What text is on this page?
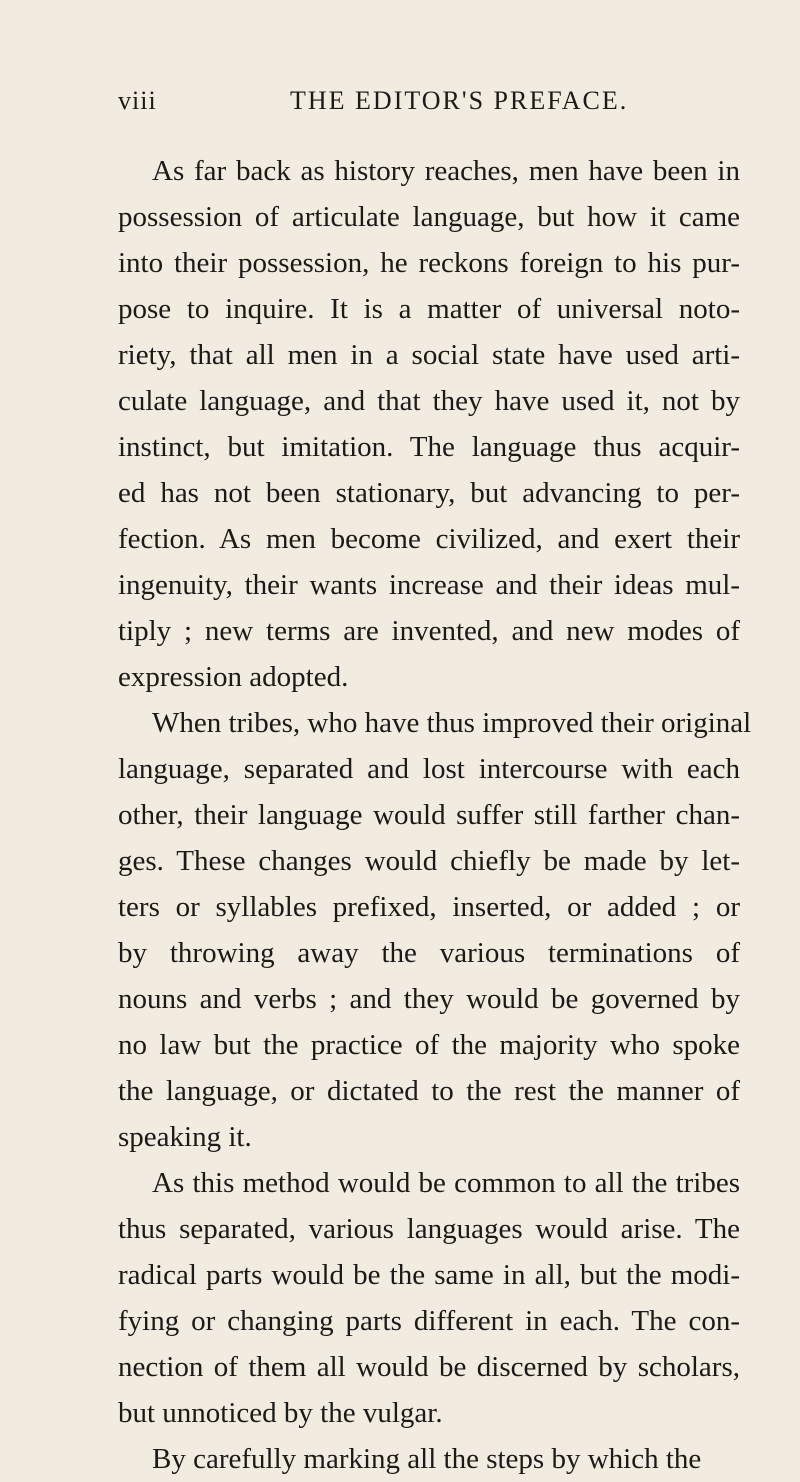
viii	THE EDITOR'S PREFACE.
As far back as history reaches, men have been in
possession of articulate language, but how it came
into their possession, he reckons foreign to his pur-
pose to inquire. It is a matter of universal noto-
riety, that all men in a social state have used arti-
culate language, and that they have used it, not by
instinct, but imitation. The language thus acquir-
ed has not been stationary, but advancing to per-
fection. As men become civilized, and exert their
ingenuity, their wants increase and their ideas mul-
tiply ; new terms are invented, and new modes of
expression adopted.
When tribes, who have thus improved their original
language, separated and lost intercourse with each
other, their language would suffer still farther chan-
ges. These changes would chiefly be made by let-
ters or syllables prefixed, inserted, or added ; or
by throwing away the various terminations of
nouns and verbs ; and they would be governed by
no law but the practice of the majority who spoke
the language, or dictated to the rest the manner of
speaking it.
As this method would be common to all the tribes
thus separated, various languages would arise. The
radical parts would be the same in all, but the modi-
fying or changing parts different in each. The con-
nection of them all would be discerned by scholars,
but unnoticed by the vulgar.
By carefully marking all the steps by which the
